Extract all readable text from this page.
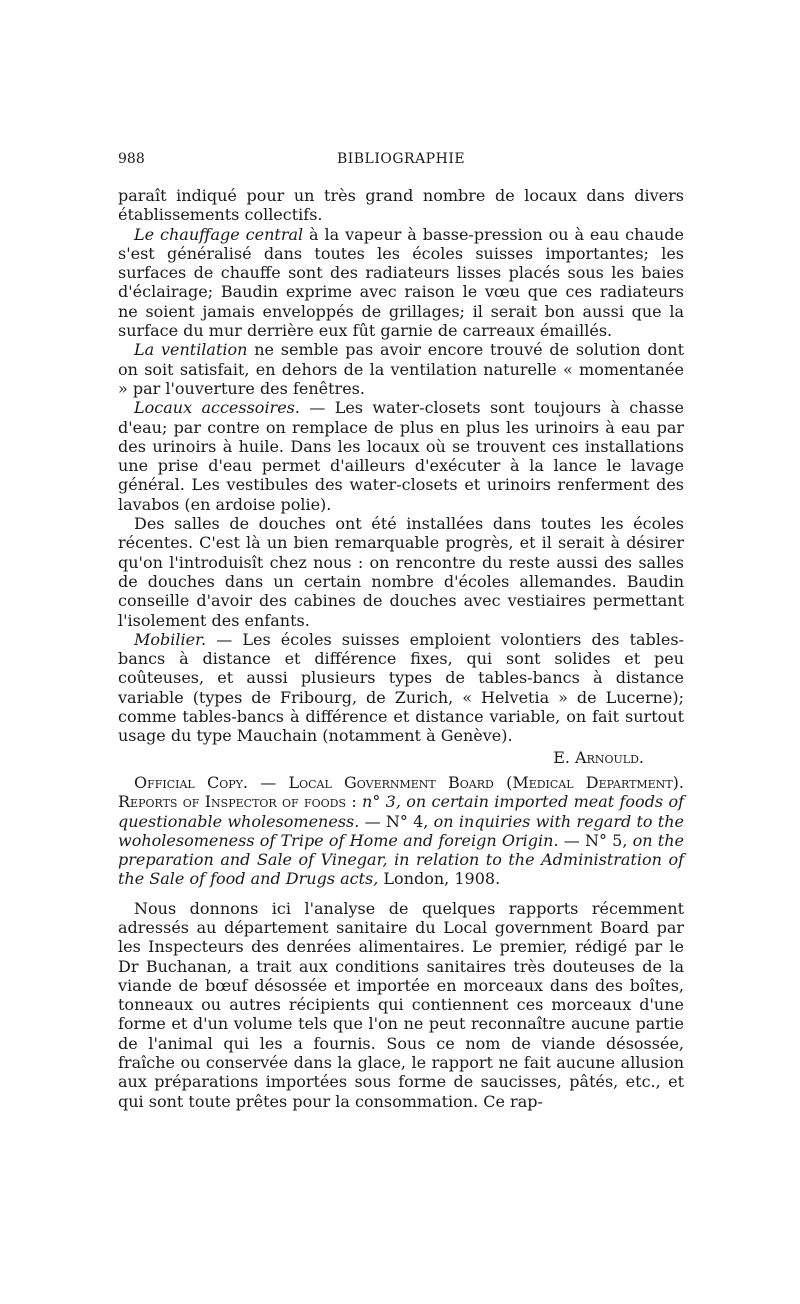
988	BIBLIOGRAPHIE

paraît indiqué pour un très grand nombre de locaux dans divers établissements collectifs.

Le chauffage central à la vapeur à basse-pression ou à eau chaude s'est généralisé dans toutes les écoles suisses importantes; les surfaces de chauffe sont des radiateurs lisses placés sous les baies d'éclairage; Baudin exprime avec raison le vœu que ces radiateurs ne soient jamais enveloppés de grillages; il serait bon aussi que la surface du mur derrière eux fût garnie de carreaux émaillés.

La ventilation ne semble pas avoir encore trouvé de solution dont on soit satisfait, en dehors de la ventilation naturelle « momentanée » par l'ouverture des fenêtres.

Locaux accessoires. — Les water-closets sont toujours à chasse d'eau; par contre on remplace de plus en plus les urinoirs à eau par des urinoirs à huile. Dans les locaux où se trouvent ces installations une prise d'eau permet d'ailleurs d'exécuter à la lance le lavage général. Les vestibules des water-closets et urinoirs renferment des lavabos (en ardoise polie).

Des salles de douches ont été installées dans toutes les écoles récentes. C'est là un bien remarquable progrès, et il serait à désirer qu'on l'introduisît chez nous : on rencontre du reste aussi des salles de douches dans un certain nombre d'écoles allemandes. Baudin conseille d'avoir des cabines de douches avec vestiaires permettant l'isolement des enfants.

Mobilier. — Les écoles suisses emploient volontiers des tables-bancs à distance et différence fixes, qui sont solides et peu coûteuses, et aussi plusieurs types de tables-bancs à distance variable (types de Fribourg, de Zurich, « Helvetia » de Lucerne); comme tables-bancs à différence et distance variable, on fait surtout usage du type Mauchain (notamment à Genève).

E. Arnould.

Official Copy. — Local Government Board (Medical Department). Reports of Inspector of foods : n° 3, on certain imported meat foods of questionable wholesomeness. — N° 4, on inquiries with regard to the woholesomeness of Tripe of Home and foreign Origin. — N° 5, on the preparation and Sale of Vinegar, in relation to the Administration of the Sale of food and Drugs acts, London, 1908.

Nous donnons ici l'analyse de quelques rapports récemment adressés au département sanitaire du Local government Board par les Inspecteurs des denrées alimentaires. Le premier, rédigé par le Dr Buchanan, a trait aux conditions sanitaires très douteuses de la viande de bœuf désossée et importée en morceaux dans des boîtes, tonneaux ou autres récipients qui contiennent ces morceaux d'une forme et d'un volume tels que l'on ne peut reconnaître aucune partie de l'animal qui les a fournis. Sous ce nom de viande désossée, fraîche ou conservée dans la glace, le rapport ne fait aucune allusion aux préparations importées sous forme de saucisses, pâtés, etc., et qui sont toute prêtes pour la consommation. Ce rap-
